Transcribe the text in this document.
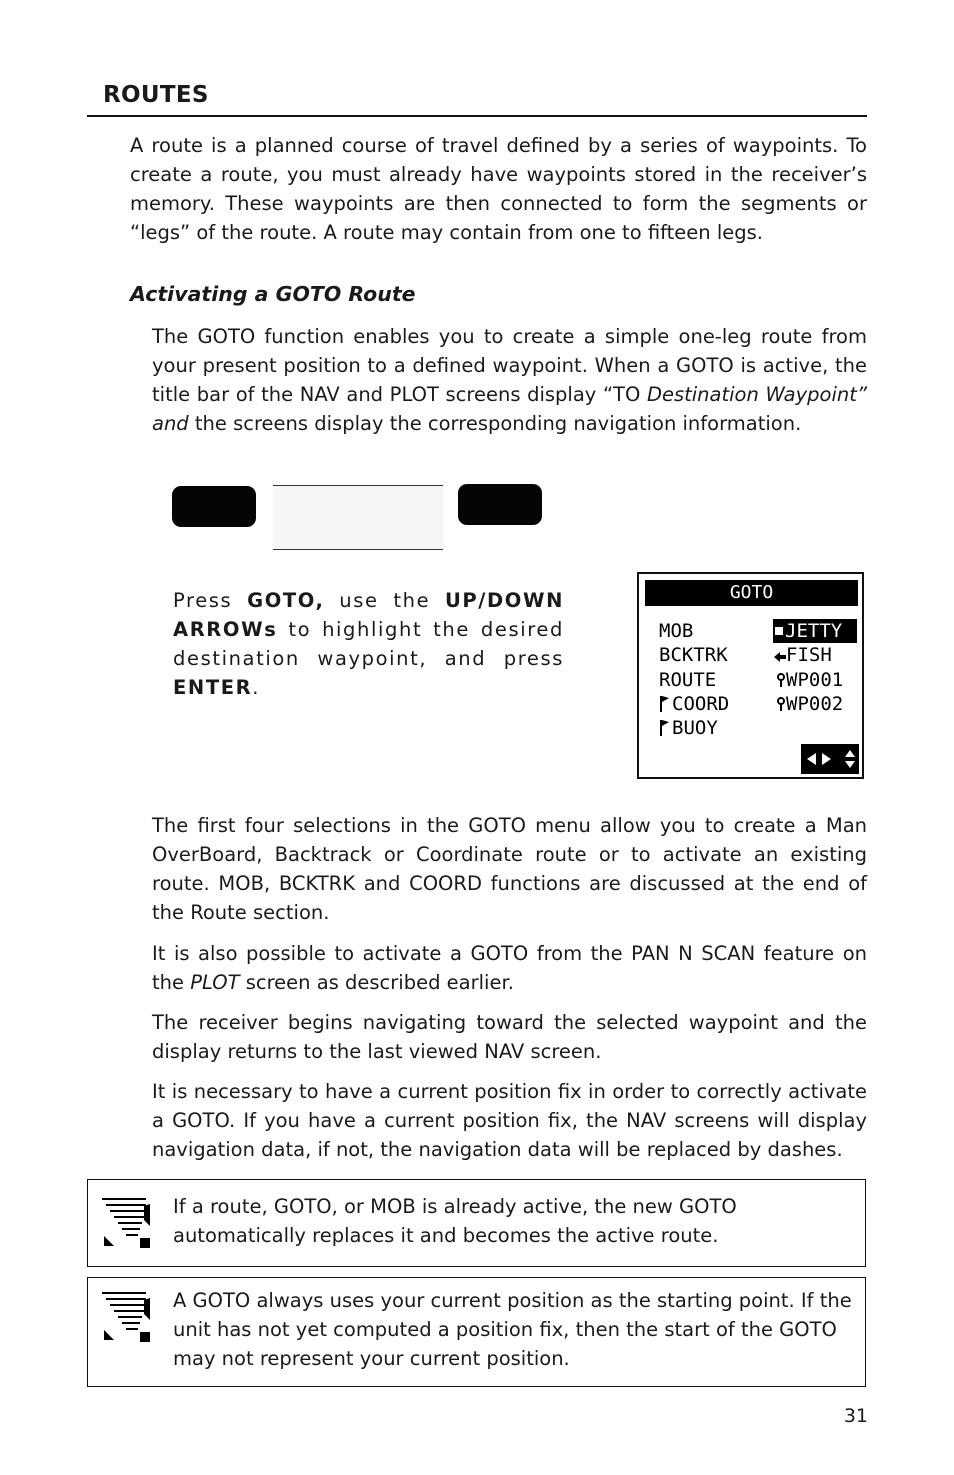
ROUTES
A route is a planned course of travel defined by a series of waypoints. To create a route, you must already have waypoints stored in the receiver’s memory. These waypoints are then connected to form the segments or “legs” of the route. A route may contain from one to fifteen legs.
Activating a GOTO Route
The GOTO function enables you to create a simple one-leg route from your present position to a defined waypoint. When a GOTO is active, the title bar of the NAV and PLOT screens display “TO Destination Waypoint” and the screens display the corresponding navigation information.
Press GOTO, use the UP/DOWN ARROWs to highlight the desired destination waypoint, and press ENTER.
GOTO
MOB
BCKTRK
ROUTE
COORD
BUOY
JETTY
FISH
WP001
WP002
The first four selections in the GOTO menu allow you to create a Man OverBoard, Backtrack or Coordinate route or to activate an existing route. MOB, BCKTRK and COORD functions are discussed at the end of the Route section.
It is also possible to activate a GOTO from the PAN N SCAN feature on the PLOT screen as described earlier.
The receiver begins navigating toward the selected waypoint and the display returns to the last viewed NAV screen.
It is necessary to have a current position fix in order to correctly activate a GOTO. If you have a current position fix, the NAV screens will display navigation data, if not, the navigation data will be replaced by dashes.
If a route, GOTO, or MOB is already active, the new GOTO automatically replaces it and becomes the active route.
A GOTO always uses your current position as the starting point. If the unit has not yet computed a position fix, then the start of the GOTO may not represent your current position.
31
